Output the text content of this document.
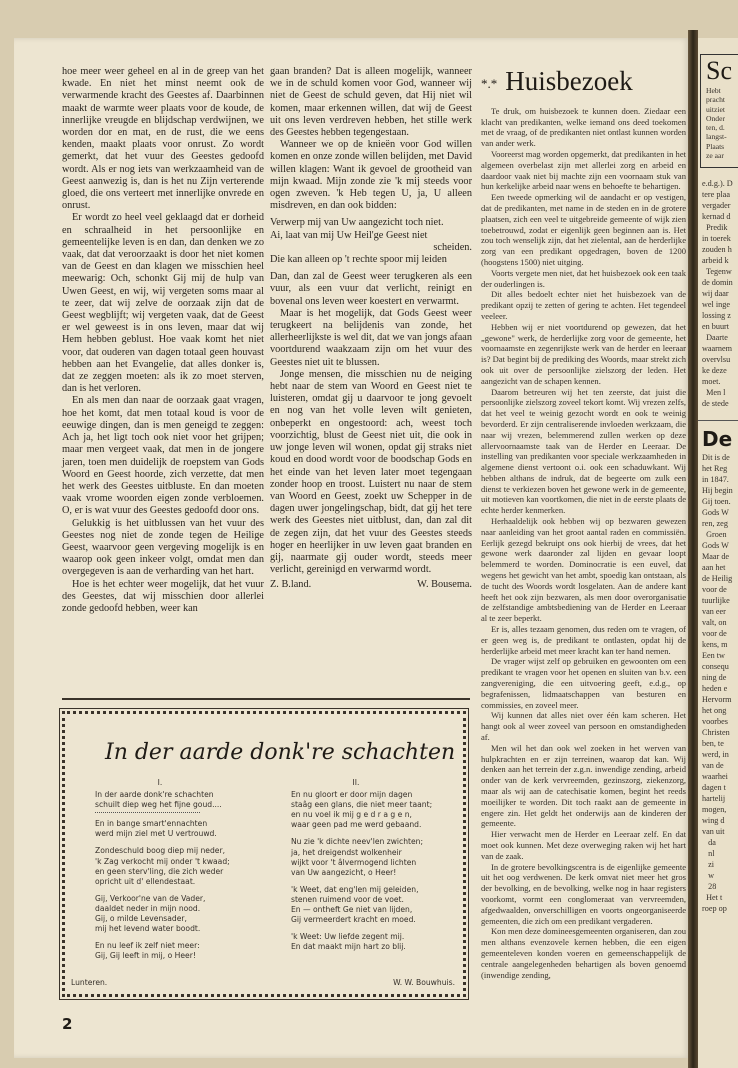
hoe meer weer geheel en al in de greep van het kwade. En niet het minst neemt ook de verwarmende kracht des Geestes af. Daarbinnen maakt de warmte weer plaats voor de koude, de innerlijke vreugde en blijdschap verdwijnen, we worden dor en mat, en de rust, die we eens kenden, maakt plaats voor onrust. Zo wordt gemerkt, dat het vuur des Geestes gedoofd wordt. Als er nog iets van werkzaamheid van de Geest aanwezig is, dan is het nu Zijn verterende gloed, die ons verteert met innerlijke onvrede en onrust.

Er wordt zo heel veel geklaagd dat er dorheid en schraalheid in het persoonlijke en gemeentelijke leven is en dan, dan denken we zo vaak, dat dat veroorzaakt is door het niet komen van de Geest en dan klagen we misschien heel meewarig: Och, schonkt Gij mij de hulp van Uwen Geest, en wij, wij vergeten soms maar al te zeer, dat wij zelve de oorzaak zijn dat de Geest wegblijft; wij vergeten vaak, dat de Geest er wel geweest is in ons leven, maar dat wij Hem hebben geblust. Hoe vaak komt het niet voor, dat ouderen van dagen totaal geen houvast hebben aan het Evangelie, dat alles donker is, dat ze zeggen moeten: als ik zo moet sterven, dan is het verloren.

En als men dan naar de oorzaak gaat vragen, hoe het komt, dat men totaal koud is voor de eeuwige dingen, dan is men geneigd te zeggen: Ach ja, het ligt toch ook niet voor het grijpen; maar men vergeet vaak, dat men in de jongere jaren, toen men duidelijk de roepstem van Gods Woord en Geest hoorde, zich verzette, dat men het werk des Geestes uitbluste. En dan moeten vaak vrome woorden eigen zonde verbloemen. O, er is wat vuur des Geestes gedoofd door ons.

Gelukkig is het uitblussen van het vuur des Geestes nog niet de zonde tegen de Heilige Geest, waarvoor geen vergeving mogelijk is en waarop ook geen inkeer volgt, omdat men dan overgegeven is aan de verharding van het hart.

Hoe is het echter weer mogelijk, dat het vuur des Geestes, dat wij misschien door allerlei zonde gedoofd hebben, weer kan

gaan branden? Dat is alleen mogelijk, wanneer we in de schuld komen voor God, wanneer wij niet de Geest de schuld geven, dat Hij niet wil komen, maar erkennen willen, dat wij de Geest uit ons leven verdreven hebben, het stille werk des Geestes hebben tegengestaan.

Wanneer we op de knieën voor God willen komen en onze zonde willen belijden, met David willen klagen: Want ik gevoel de grootheid van mijn kwaad. Mijn zonde zie 'k mij steeds voor ogen zweven. 'k Heb tegen U, ja, U alleen misdreven, en dan ook bidden:

Verwerp mij van Uw aangezicht toch niet.
Ai, laat van mij Uw Heil'ge Geest niet
scheiden.
Die kan alleen op 't rechte spoor mij leiden

Dan, dan zal de Geest weer terugkeren als een vuur, als een vuur dat verlicht, reinigt en bovenal ons leven weer koestert en verwarmt.

Maar is het mogelijk, dat Gods Geest weer terugkeert na belijdenis van zonde, het allerheerlijkste is wel dit, dat we van jongs afaan voortdurend waakzaam zijn om het vuur des Geestes niet uit te blussen.

Jonge mensen, die misschien nu de neiging hebt naar de stem van Woord en Geest niet te luisteren, omdat gij u daarvoor te jong gevoelt en nog van het volle leven wilt genieten, onbeperkt en ongestoord: ach, weest toch voorzichtig, blust de Geest niet uit, die ook in uw jonge leven wil wonen, opdat gij straks niet koud en dood wordt voor de boodschap Gods en het einde van het leven later moet tegengaan zonder hoop en troost. Luistert nu naar de stem van Woord en Geest, zoekt uw Schepper in de dagen uwer jongelingschap, bidt, dat gij het tere werk des Geestes niet uitblust, dan, dan zal dit de zegen zijn, dat het vuur des Geestes steeds hoger en heerlijker in uw leven gaat branden en gij, naarmate gij ouder wordt, steeds meer verlicht, gereinigd en verwarmd wordt.

Z. B.land.	W. Bousema.
*.* Huisbezoek

Te druk, om huisbezoek te kunnen doen. Ziedaar een klacht van predikanten, welke iemand ons deed toekomen met de vraag, of de predikanten niet ontlast kunnen worden van ander werk.

Vooreerst mag worden opgemerkt, dat predikanten in het algemeen overbelast zijn met allerlei zorg en arbeid en daardoor vaak niet bij machte zijn een voornaam stuk van hun kerkelijke arbeid naar wens en behoefte te behartigen.

Een tweede opmerking wil de aandacht er op vestigen, dat de predikanten, met name in de steden en in de grotere plaatsen, zich een veel te uitgebreide gemeente of wijk zien toebetrouwd, zodat er eigenlijk geen beginnen aan is. Het zou toch wenselijk zijn, dat het zielental, aan de herderlijke zorg van een predikant opgedragen, boven de 1200 (hoogstens 1500) niet uitging.

Voorts vergete men niet, dat het huisbezoek ook een taak der ouderlingen is.

Dit alles bedoelt echter niet het huisbezoek van de predikant opzij te zetten of gering te achten. Het tegendeel veeleer.

Hebben wij er niet voortdurend op gewezen, dat het „gewone" werk, de herderlijke zorg voor de gemeente, het voornaamste en zegenrijkste werk van de herder en leeraar is? Dat begint bij de prediking des Woords, maar strekt zich ook uit over de persoonlijke zielszorg der leden. Het aangezicht van de schapen kennen.

Daarom betreuren wij het ten zeerste, dat juist die persoonlijke zielszorg zoveel tekort komt. Wij vrezen zelfs, dat het veel te weinig gezocht wordt en ook te weinig bevorderd. Er zijn centraliserende invloeden werkzaam, die naar wij vrezen, belemmerend zullen werken op deze allervoornaamste taak van de Herder en Leeraar. De instelling van predikanten voor speciale werkzaamheden in algemene dienst vertoont o.i. ook een schaduwkant. Wij hebben althans de indruk, dat de begeerte om zulk een dienst te verkiezen boven het gewone werk in de gemeente, uit motieven kan voortkomen, die niet in de eerste plaats de echte herder kenmerken.

Herhaaldelijk ook hebben wij op bezwaren gewezen naar aanleiding van het groot aantal raden en commissiën. Eerlijk gezegd bekruipt ons ook hierbij de vrees, dat het gewone werk daaronder zal lijden en gevaar loopt belemmerd te worden. Dominocratie is een euvel, dat wegens het gewicht van het ambt, spoedig kan ontstaan, als de tucht des Woords wordt losgelaten. Aan de andere kant heeft het ook zijn bezwaren, als men door overorganisatie de zelfstandige ambtsbediening van de Herder en Leeraar al te zeer beperkt.

Er is, alles tezaam genomen, dus reden om te vragen, of er geen weg is, de predikant te ontlasten, opdat hij de herderlijke arbeid met meer kracht kan ter hand nemen.

De vrager wijst zelf op gebruiken en gewoonten om een predikant te vragen voor het openen en sluiten van b.v. een zangvereniging, die een uitvoering geeft, e.d.g., op begrafenissen, lidmaatschappen van besturen en commissies, en zoveel meer.

Wij kunnen dat alles niet over één kam scheren. Het hangt ook al weer zoveel van persoon en omstandigheden af.

Men wil het dan ook wel zoeken in het werven van hulpkrachten en er zijn terreinen, waarop dat kan. Wij denken aan het terrein der z.g.n. inwendige zending, arbeid onder van de kerk vervreemden, gezinszorg, ziekenzorg, maar als wij aan de catechisatie komen, begint het reeds moeilijker te worden. Dit toch raakt aan de gemeente in engere zin. Het geldt het onderwijs aan de kinderen der gemeente.

Hier verwacht men de Herder en Leeraar zelf. En dat moet ook kunnen. Met deze overweging raken wij het hart van de zaak.

In de grotere bevolkingscentra is de eigenlijke gemeente uit het oog verdwenen. De kerk omvat niet meer het gros der bevolking, en de bevolking, welke nog in haar registers voorkomt, vormt een conglomeraat van vervreemden, afgedwaalden, onverschilligen en voorts ongeorganiseerde gemeenten, die zich om een predikant vergaderen.

Kon men deze domineesgemeenten organiseren, dan zou men althans evenzovele kernen hebben, die een eigen gemeenteleven konden voeren en gemeenschappelijk de centrale aangelegenheden behartigen als boven genoemd (inwendige zending,

In der aarde donk're schachten
I.
In der aarde donk're schachten
schuilt diep weg het fijne goud....
En in bange smart'ennachten
werd mijn ziel met U vertrouwd.
Zondeschuld boog diep mij neder,
'k Zag verkocht mij onder 't kwaad;
en geen sterv'ling, die zich weder
opricht uit d' ellendestaat.
Gij, Verkoor'ne van de Vader,
daaldet neder in mijn nood.
Gij, o milde Levensader,
mij het levend water boodt.
En nu leef ik zelf niet meer:
Gij, Gij leeft in mij, o Heer!
II.
En nu gloort er door mijn dagen
staâg een glans, die niet meer taant;
en nu voel ik mij g e d r a g e n,
waar geen pad me werd gebaand.
Nu zie 'k dichte neev'len zwichten;
ja, het dreigendst wolkenheir
wijkt voor 't âlvermogend lichten
van Uw aangezicht, o Heer!
'k Weet, dat eng'len mij geleiden,
stenen ruimend voor de voet.
En — ontheft Ge niet van lijden,
Gij vermeerdert kracht en moed.
'k Weet: Uw liefde zegent mij.
En dat maakt mijn hart zo blij.
Lunteren.	W. W. Bouwhuis.
2
Sc
Hebt
pracht
uitziet
Onder
ten, d.
langst-
Plaats
ze aar
e.d.g.). D
tere plaa
vergader
kernad d
Predik
in toerek
zouden h
arbeid k
Tegenw
de domin
wij daar
wel inge
lossing z
en buurt
Daarte
waarnem
overvlsu
ke deze
moet.
Men l
de stede
De
Dit is de
het Reg
in 1847.
Hij begin
Gij toen.
Gods W
ren, zeg
Groen
Gods W
Maar de
aan het
de Heilig
voor de
tuurlijke
van eer
valt, on
voor de
kens, m
Een tw
consequ
ning de
heden e
Hervorm
het ong
voorbes
Christen
ben, te
werd, in
van de
waarhei
dagen t
hartelij
mogen,
wing d
van uit
da
nl
zi
w
28
Het t
roep op
